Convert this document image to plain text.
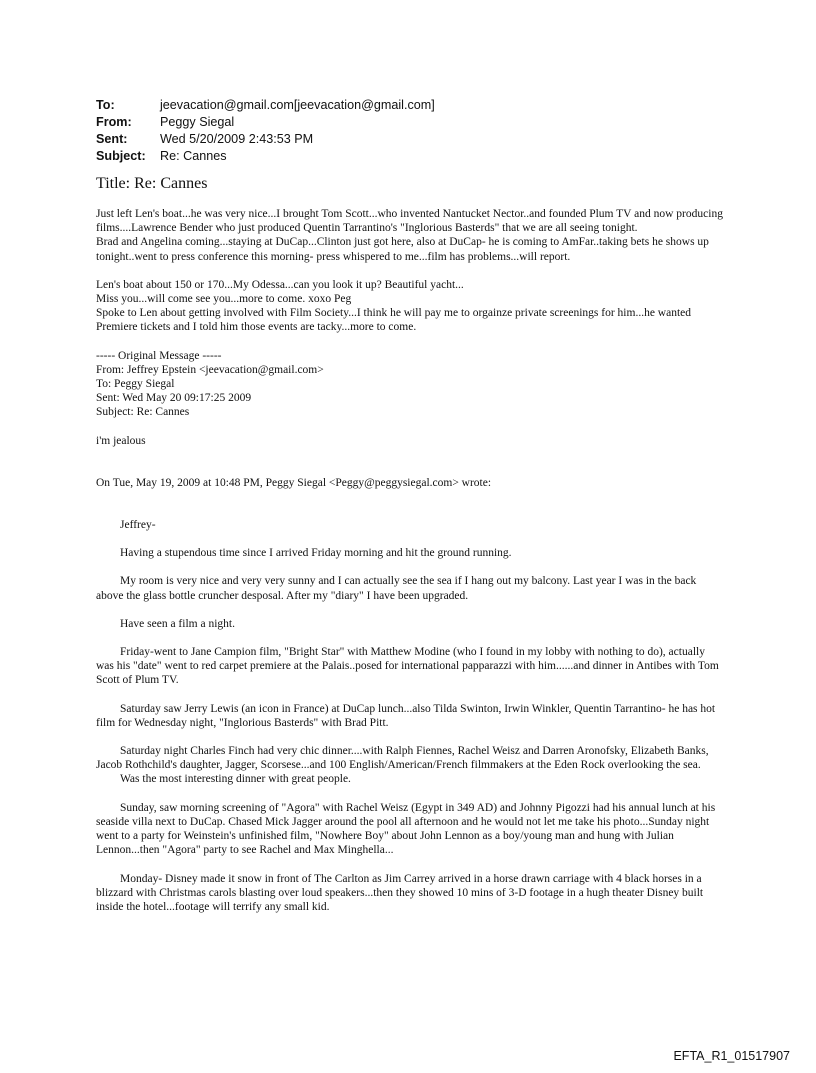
To:	jeevacation@gmail.com[jeevacation@gmail.com]
From:	Peggy Siegal
Sent:	Wed 5/20/2009 2:43:53 PM
Subject:	Re: Cannes
Title: Re: Cannes

Just left Len's boat...he was very nice...I brought Tom Scott...who invented Nantucket Nector..and founded Plum TV and now producing films....Lawrence Bender who just produced Quentin Tarrantino's "Inglorious Basterds" that we are all seeing tonight.

Brad and Angelina coming...staying at DuCap...Clinton just got here, also at DuCap- he is coming to AmFar..taking bets he shows up tonight..went to press conference this morning- press whispered to me...film has problems...will report.

Len's boat about 150 or 170...My Odessa...can you look it up? Beautiful yacht...

Miss you...will come see you...more to come. xoxo Peg

Spoke to Len about getting involved with Film Society...I think he will pay me to orgainze private screenings for him...he wanted Premiere tickets and I told him those events are tacky...more to come.

----- Original Message -----

From: Jeffrey Epstein <jeevacation@gmail.com>

To: Peggy Siegal

Sent: Wed May 20 09:17:25 2009

Subject: Re: Cannes

i'm jealous

On Tue, May 19, 2009 at 10:48 PM, Peggy Siegal <Peggy@peggysiegal.com> wrote:

Jeffrey-

Having a stupendous time since I arrived Friday morning and hit the ground running.

My room is very nice and very very sunny and I can actually see the sea if I hang out my balcony. Last year I was in the back above the glass bottle cruncher desposal. After my "diary" I have been upgraded.

Have seen a film a night.

Friday-went to Jane Campion film, "Bright Star" with Matthew Modine (who I found in my lobby with nothing to do), actually was his "date" went to red carpet premiere at the Palais..posed for international papparazzi with him......and dinner in Antibes with Tom Scott of Plum TV.

Saturday saw Jerry Lewis (an icon in France) at DuCap lunch...also Tilda Swinton, Irwin Winkler, Quentin Tarrantino- he has hot film for Wednesday night, "Inglorious Basterds" with Brad Pitt.

Saturday night Charles Finch had very chic dinner....with Ralph Fiennes, Rachel Weisz and Darren Aronofsky, Elizabeth Banks, Jacob Rothchild's daughter, Jagger, Scorsese...and 100 English/American/French filmmakers at the Eden Rock overlooking the sea.

Was the most interesting dinner with great people.

Sunday, saw morning screening of "Agora" with Rachel Weisz (Egypt in 349 AD) and Johnny Pigozzi had his annual lunch at his seaside villa next to DuCap. Chased Mick Jagger around the pool all afternoon and he would not let me take his photo...Sunday night went to a party for Weinstein's unfinished film, "Nowhere Boy" about John Lennon as a boy/young man and hung with Julian Lennon...then "Agora" party to see Rachel and Max Minghella...

Monday- Disney made it snow in front of The Carlton as Jim Carrey arrived in a horse drawn carriage with 4 black horses in a blizzard with Christmas carols blasting over loud speakers...then they showed 10 mins of 3-D footage in a hugh theater Disney built inside the hotel...footage will terrify any small kid.

EFTA_R1_01517907
